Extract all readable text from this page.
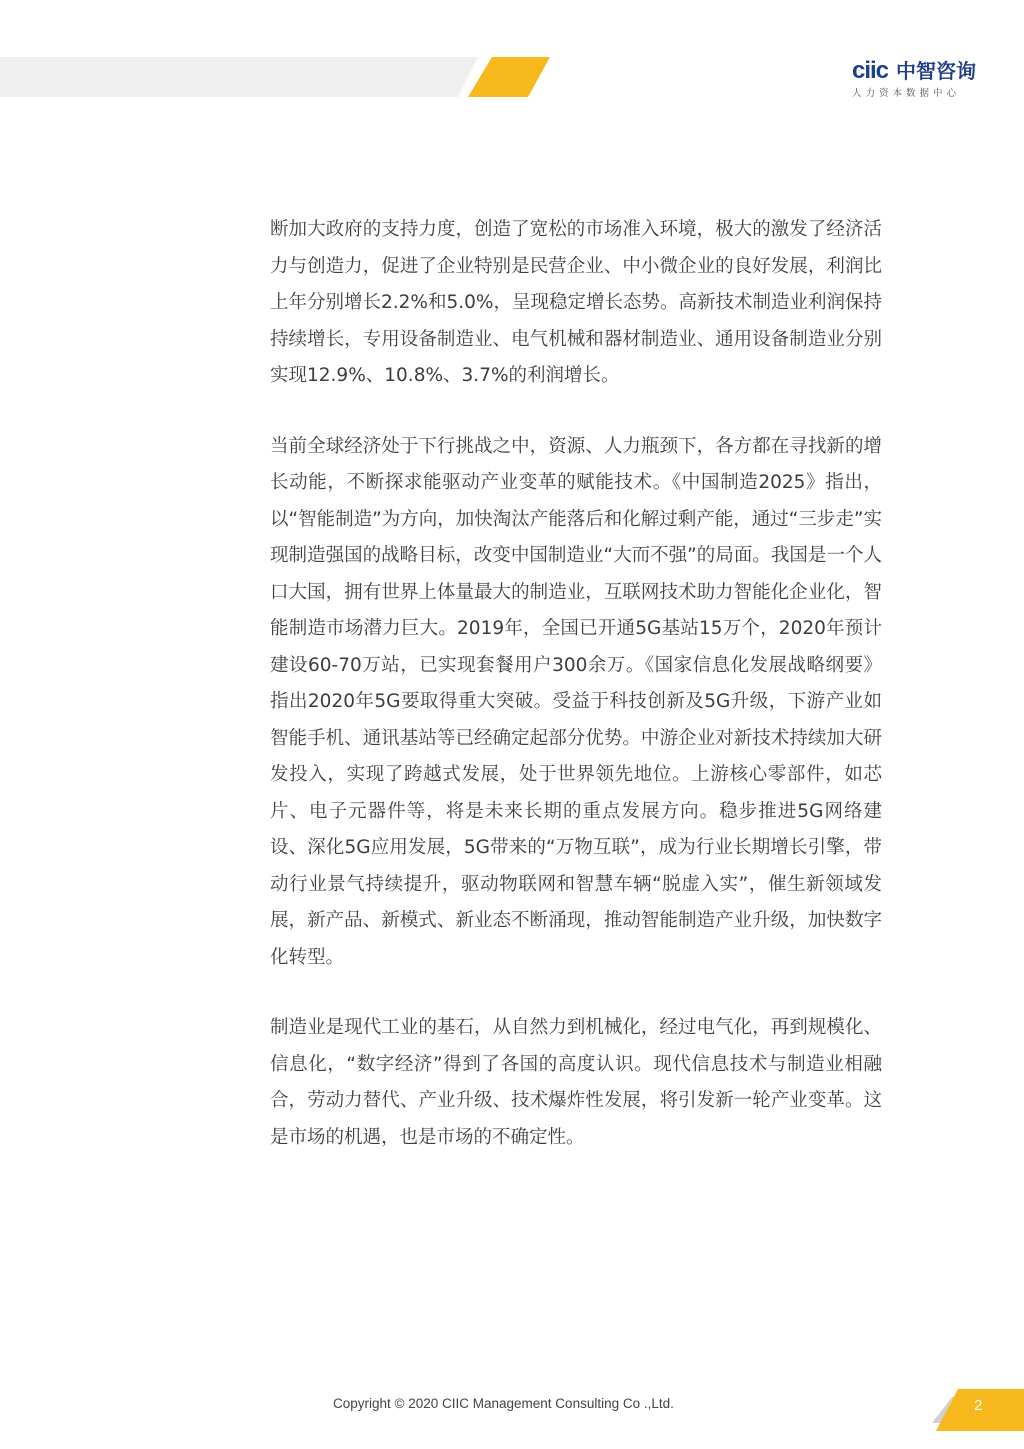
ciic 中智咨询
人力资本数据中心

断加大政府的支持力度，创造了宽松的市场准入环境，极大的激发了经济活力与创造力，促进了企业特别是民营企业、中小微企业的良好发展，利润比上年分别增长2.2%和5.0%，呈现稳定增长态势。高新技术制造业利润保持持续增长，专用设备制造业、电气机械和器材制造业、通用设备制造业分别实现12.9%、10.8%、3.7%的利润增长。

当前全球经济处于下行挑战之中，资源、人力瓶颈下，各方都在寻找新的增长动能，不断探求能驱动产业变革的赋能技术。《中国制造2025》指出，以“智能制造”为方向，加快淘汰产能落后和化解过剩产能，通过“三步走”实现制造强国的战略目标，改变中国制造业“大而不强”的局面。我国是一个人口大国，拥有世界上体量最大的制造业，互联网技术助力智能化企业化，智能制造市场潜力巨大。2019年，全国已开通5G基站15万个，2020年预计建设60-70万站，已实现套餐用户300余万。《国家信息化发展战略纲要》指出2020年5G要取得重大突破。受益于科技创新及5G升级，下游产业如智能手机、通讯基站等已经确定起部分优势。中游企业对新技术持续加大研发投入，实现了跨越式发展，处于世界领先地位。上游核心零部件，如芯片、电子元器件等，将是未来长期的重点发展方向。稳步推进5G网络建设、深化5G应用发展，5G带来的“万物互联”，成为行业长期增长引擎，带动行业景气持续提升，驱动物联网和智慧车辆“脱虚入实”，催生新领域发展，新产品、新模式、新业态不断涌现，推动智能制造产业升级，加快数字化转型。

制造业是现代工业的基石，从自然力到机械化，经过电气化，再到规模化、信息化，“数字经济”得到了各国的高度认识。现代信息技术与制造业相融合，劳动力替代、产业升级、技术爆炸性发展，将引发新一轮产业变革。这是市场的机遇，也是市场的不确定性。

Copyright © 2020 CIIC Management Consulting Co .,Ltd.	2
